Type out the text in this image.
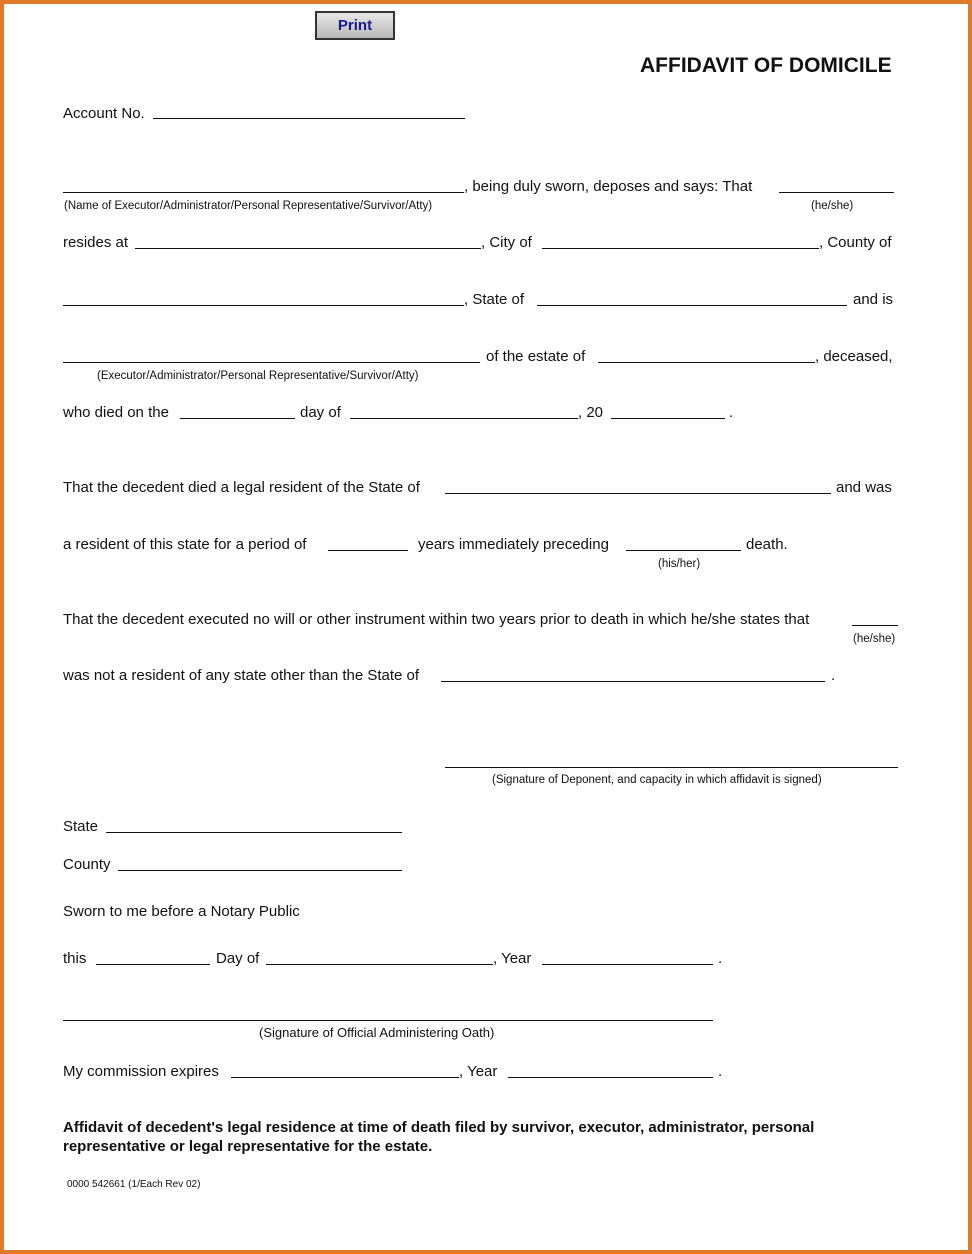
Print
AFFIDAVIT OF DOMICILE
Account No.
, being duly sworn, deposes and says: That
(Name of Executor/Administrator/Personal Representative/Survivor/Atty)	(he/she)
resides at	, City of	, County of
, State of	and is
of the estate of	, deceased,
(Executor/Administrator/Personal Representative/Survivor/Atty)
who died on the	day of	, 20	.
That the decedent died a legal resident of the State of	and was
a resident of this state for a period of	years immediately preceding	death.
(his/her)
That the decedent executed no will or other instrument within two years prior to death in which he/she states that
(he/she)
was not a resident of any state other than the State of	.
(Signature of Deponent, and capacity in which affidavit is signed)
State
County
Sworn to me before a Notary Public
this	Day of	, Year	.
(Signature of Official Administering Oath)
My commission expires	, Year	.
Affidavit of decedent's legal residence at time of death filed by survivor, executor, administrator, personal
representative or legal representative for the estate.
0000 542661 (1/Each Rev 02)
